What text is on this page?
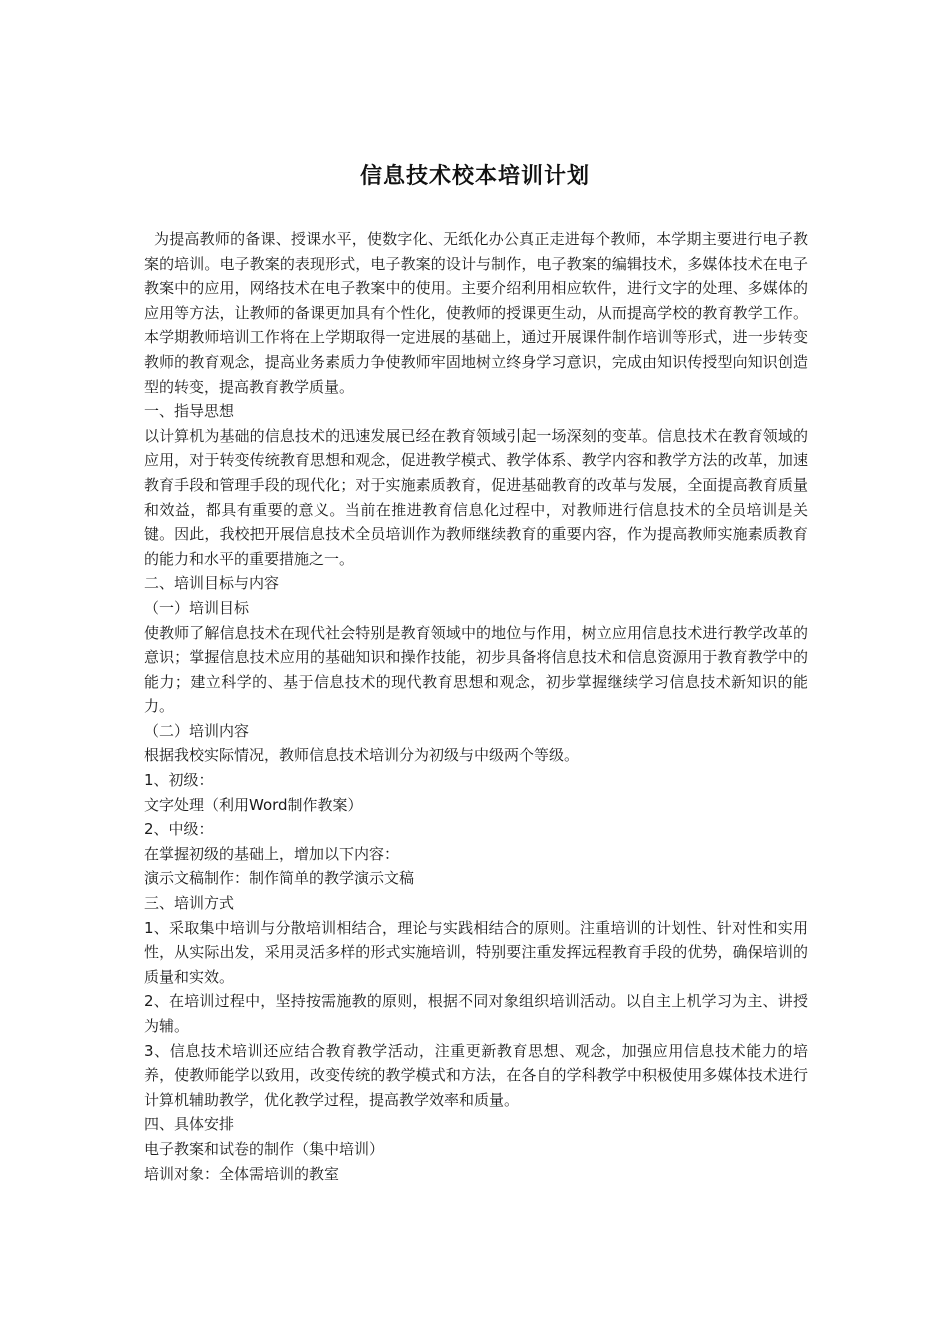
信息技术校本培训计划

为提高教师的备课、授课水平，使数字化、无纸化办公真正走进每个教师，本学期主要进行电子教案的培训。电子教案的表现形式，电子教案的设计与制作，电子教案的编辑技术，多媒体技术在电子教案中的应用，网络技术在电子教案中的使用。主要介绍利用相应软件，进行文字的处理、多媒体的应用等方法，让教师的备课更加具有个性化，使教师的授课更生动，从而提高学校的教育教学工作。本学期教师培训工作将在上学期取得一定进展的基础上，通过开展课件制作培训等形式，进一步转变教师的教育观念，提高业务素质力争使教师牢固地树立终身学习意识，完成由知识传授型向知识创造型的转变，提高教育教学质量。

一、指导思想

以计算机为基础的信息技术的迅速发展已经在教育领域引起一场深刻的变革。信息技术在教育领域的应用，对于转变传统教育思想和观念，促进教学模式、教学体系、教学内容和教学方法的改革，加速教育手段和管理手段的现代化；对于实施素质教育，促进基础教育的改革与发展，全面提高教育质量和效益，都具有重要的意义。当前在推进教育信息化过程中，对教师进行信息技术的全员培训是关键。因此，我校把开展信息技术全员培训作为教师继续教育的重要内容，作为提高教师实施素质教育的能力和水平的重要措施之一。

二、培训目标与内容

（一）培训目标

使教师了解信息技术在现代社会特别是教育领域中的地位与作用，树立应用信息技术进行教学改革的意识；掌握信息技术应用的基础知识和操作技能，初步具备将信息技术和信息资源用于教育教学中的能力；建立科学的、基于信息技术的现代教育思想和观念，初步掌握继续学习信息技术新知识的能力。

（二）培训内容

根据我校实际情况，教师信息技术培训分为初级与中级两个等级。

1、初级：

文字处理（利用Word制作教案）

2、中级：

在掌握初级的基础上，增加以下内容：

演示文稿制作：制作简单的教学演示文稿

三、培训方式

1、采取集中培训与分散培训相结合，理论与实践相结合的原则。注重培训的计划性、针对性和实用性，从实际出发，采用灵活多样的形式实施培训，特别要注重发挥远程教育手段的优势，确保培训的质量和实效。

2、在培训过程中，坚持按需施教的原则，根据不同对象组织培训活动。以自主上机学习为主、讲授为辅。

3、信息技术培训还应结合教育教学活动，注重更新教育思想、观念，加强应用信息技术能力的培养，使教师能学以致用，改变传统的教学模式和方法，在各自的学科教学中积极使用多媒体技术进行计算机辅助教学，优化教学过程，提高教学效率和质量。

四、具体安排

电子教案和试卷的制作（集中培训）

培训对象：全体需培训的教室
